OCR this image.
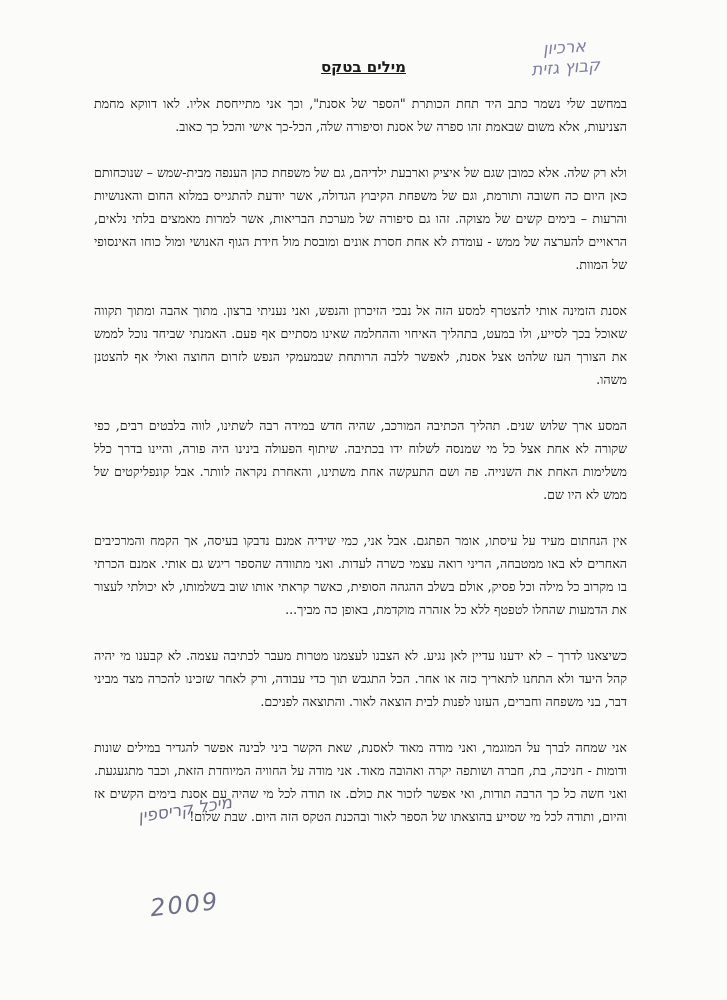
ארכיון
קבוץ גזית
מילים בטקס

במחשב שלי נשמר כתב היד תחת הכותרת "הספר של אסנת", וכך אני מתייחסת אליו. לאו דווקא מחמת הצניעות, אלא משום שבאמת זהו ספרה של אסנת וסיפורה שלה, הכל-כך אישי והכל כך כאוב.

ולא רק שלה. אלא כמובן שגם של איציק וארבעת ילדיהם, גם של משפחת כהן הענפה מבית-שמש – שנוכחותם כאן היום כה חשובה ותורמת, וגם של משפחת הקיבוץ הגדולה, אשר יודעת להתגייס במלוא החום והאנושיות והרעות – בימים קשים של מצוקה. זהו גם סיפורה של מערכת הבריאות, אשר למרות מאמצים בלתי נלאים, הראויים להערצה של ממש - עומדת לא אחת חסרת אונים ומובסת מול חידת הגוף האנושי ומול כוחו האינסופי של המוות.

אסנת הזמינה אותי להצטרף למסע הזה אל נבכי הזיכרון והנפש, ואני נעניתי ברצון. מתוך אהבה ומתוך תקווה שאוכל בכך לסייע, ולו במעט, בתהליך האיחוי וההחלמה שאינו מסתיים אף פעם. האמנתי שביחד נוכל לממש את הצורך העז שלהט אצל אסנת, לאפשר ללבה הרותחת שבמעמקי הנפש לזרום החוצה ואולי אף להצטנן משהו.

המסע ארך שלוש שנים. תהליך הכתיבה המורכב, שהיה חדש במידה רבה לשתינו, לווה בלבטים רבים, כפי שקורה לא אחת אצל כל מי שמנסה לשלוח ידו בכתיבה. שיתוף הפעולה בינינו היה פורה, והיינו בדרך כלל משלימות האחת את השנייה. פה ושם התעקשה אחת משתינו, והאחרת נקראה לוותר. אבל קונפליקטים של ממש לא היו שם.

אין הנחתום מעיד על עיסתו, אומר הפתגם. אבל אני, כמי שידיה אמנם נדבקו בעיסה, אך הקמח והמרכיבים האחרים לא באו ממטבחה, הריני רואה עצמי כשרה לעדות. ואני מתוודה שהספר ריגש גם אותי. אמנם הכרתי בו מקרוב כל מילה וכל פסיק, אולם בשלב ההגהה הסופית, כאשר קראתי אותו שוב בשלמותו, לא יכולתי לעצור את הדמעות שהחלו לטפטף ללא כל אזהרה מוקדמת, באופן כה מביך...

כשיצאנו לדרך – לא ידענו עדיין לאן נגיע. לא הצבנו לעצמנו מטרות מעבר לכתיבה עצמה. לא קבענו מי יהיה קהל היעד ולא התחנו לתאריך כזה או אחר. הכל התגבש תוך כדי עבודה, ורק לאחר שזכינו להכרה מצד מביני דבר, בני משפחה וחברים, העזנו לפנות לבית הוצאה לאור. והתוצאה לפניכם.

אני שמחה לברך על המוגמר, ואני מודה מאוד לאסנת, שאת הקשר ביני לבינה אפשר להגדיר במילים שונות ודומות - חניכה, בת, חברה ושותפה יקרה ואהובה מאוד. אני מודה על החוויה המיוחדת הזאת, וכבר מתגעגעת. ואני חשה כל כך הרבה תודות, ואי אפשר לזכור את כולם. אז תודה לכל מי שהיה עם אסנת בימים הקשים אז והיום, ותודה לכל מי שסייע בהוצאתו של הספר לאור ובהכנת הטקס הזה היום. שבת שלום!

מיכל קריספין
2009
